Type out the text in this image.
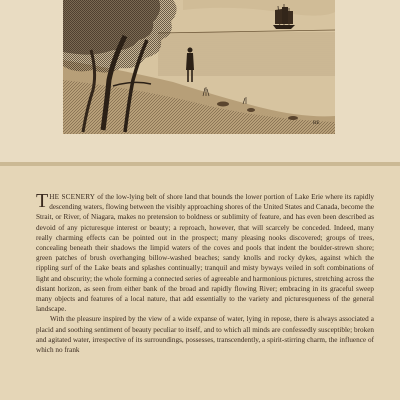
RE

THE SCENERY of the low-lying belt of shore land that bounds the lower portion of Lake Erie where its rapidly descending waters, flowing between the visibly approaching shores of the United States and Canada, become the Strait, or River, of Niagara, makes no pretension to boldness or sublimity of feature, and has even been described as devoid of any picturesque interest or beauty; a reproach, however, that will scarcely be conceded. Indeed, many really charming effects can be pointed out in the prospect; many pleasing nooks discovered; groups of trees, concealing beneath their shadows the limpid waters of the coves and pools that indent the boulder-strewn shore; green patches of brush overhanging billow-washed beaches; sandy knolls and rocky dykes, against which the rippling surf of the Lake beats and splashes continually; tranquil and misty byways veiled in soft combinations of light and obscurity; the whole forming a connected series of agreeable and harmonious pictures, stretching across the distant horizon, as seen from either bank of the broad and rapidly flowing River; embracing in its graceful sweep many objects and features of a local nature, that add essentially to the variety and picturesqueness of the general landscape.

With the pleasure inspired by the view of a wide expanse of water, lying in repose, there is always associated a placid and soothing sentiment of beauty peculiar to itself, and to which all minds are confessedly susceptible; broken and agitated water, irrespective of its surroundings, possesses, transcendently, a spirit-stirring charm, the influence of which no frank
